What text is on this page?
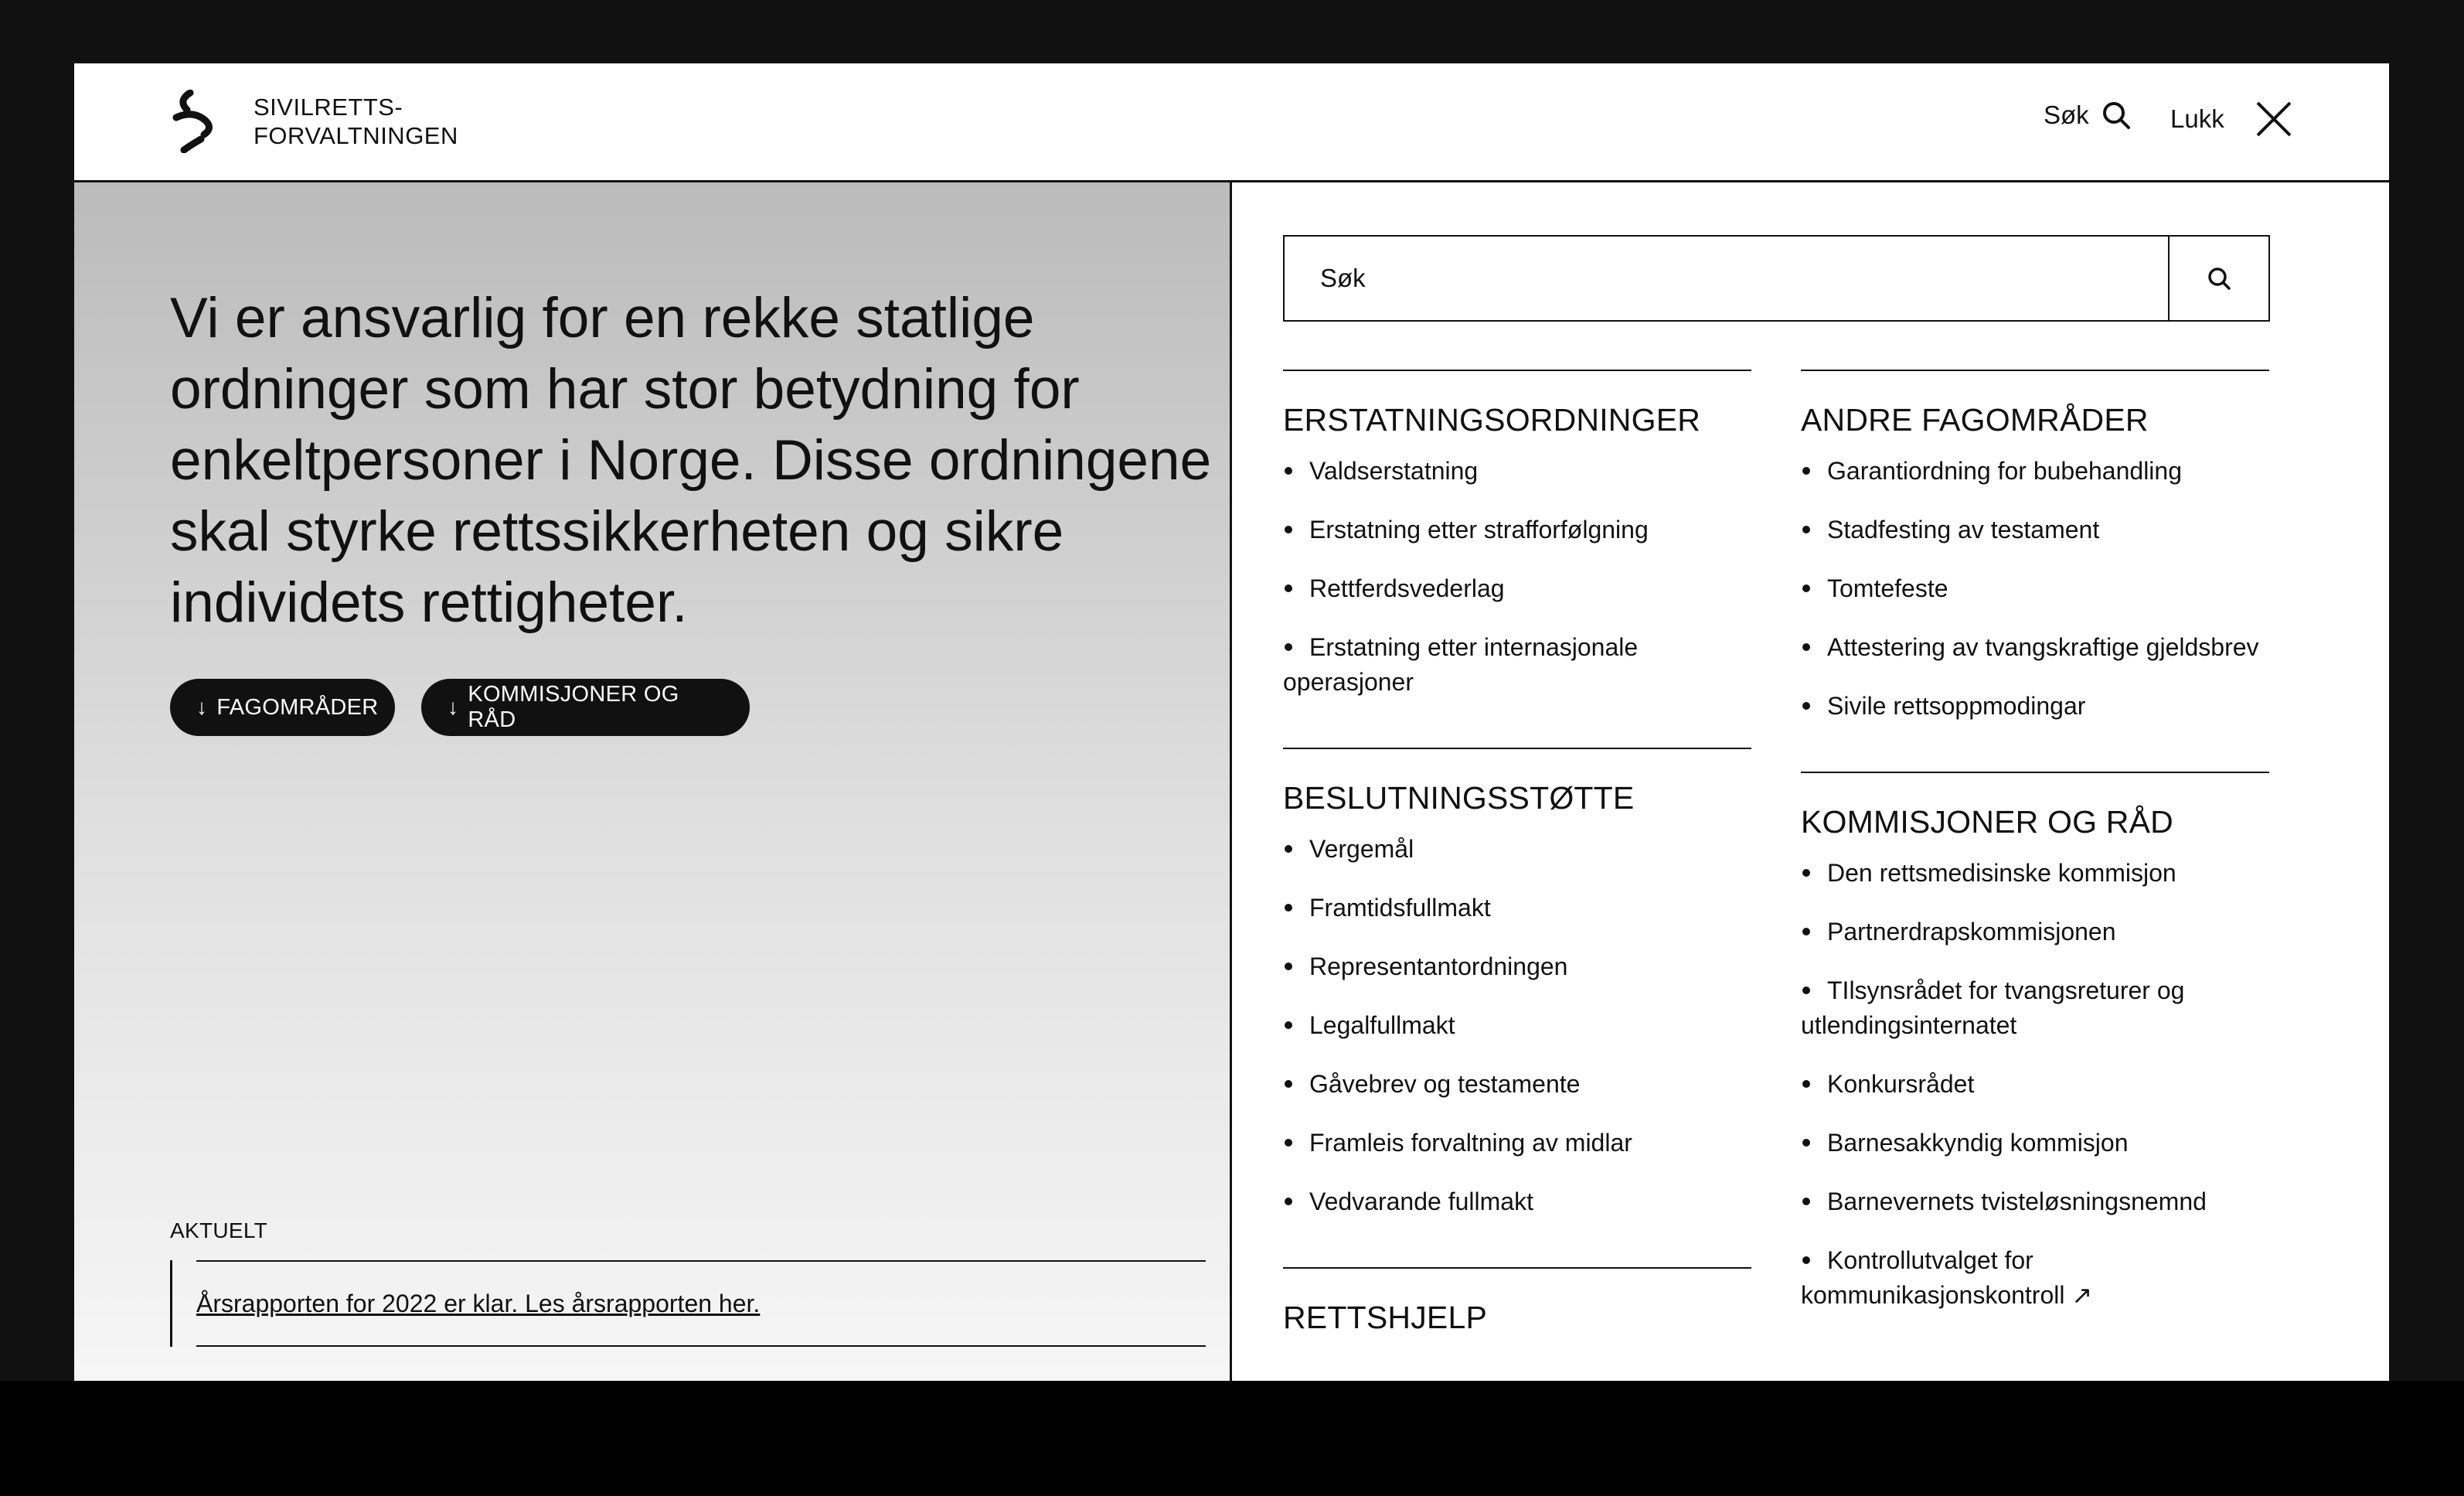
SIVILRETTS-
FORVALTNINGEN
Søk	Lukk
Vi er ansvarlig for en rekke statlige ordninger som har stor betydning for enkeltpersoner i Norge. Disse ordningene skal styrke rettssikkerheten og sikre individets rettigheter.
↓ FAGOMRÅDER	↓
KOMMISJONER OG RÅD
AKTUELT
Årsrapporten for 2022 er klar. Les årsrapporten her.
Søk
ERSTATNINGSORDNINGER
Valdserstatning
Erstatning etter strafforfølgning
Rettferdsvederlag
Erstatning etter internasjonale operasjoner
BESLUTNINGSSTØTTE
Vergemål
Framtidsfullmakt
Representantordningen
Legalfullmakt
Gåvebrev og testamente
Framleis forvaltning av midlar
Vedvarande fullmakt
RETTSHJELP
ANDRE FAGOMRÅDER
Garantiordning for bubehandling
Stadfesting av testament
Tomtefeste
Attestering av tvangskraftige gjeldsbrev
Sivile rettsoppmodingar
KOMMISJONER OG RÅD
Den rettsmedisinske kommisjon
Partnerdrapskommisjonen
TIlsynsrådet for tvangsreturer og utlendingsinternatet
Konkursrådet
Barnesakkyndig kommisjon
Barnevernets tvisteløsningsnemnd
Kontrollutvalget for kommunikasjonskontroll ↗
